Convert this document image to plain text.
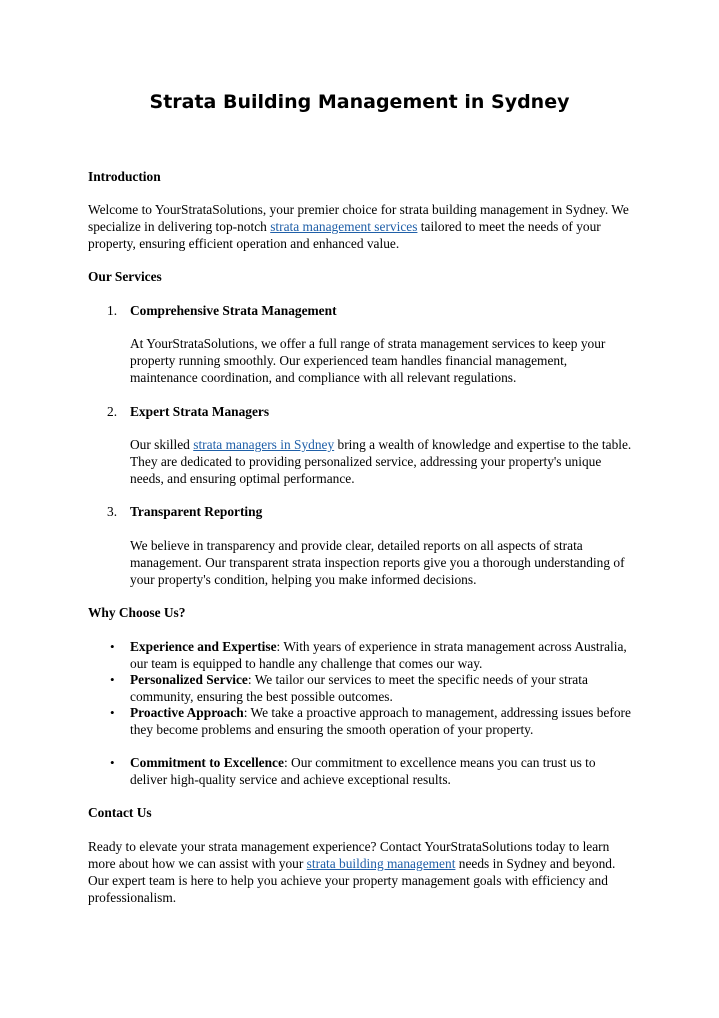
Strata Building Management in Sydney
Introduction

Welcome to YourStrataSolutions, your premier choice for strata building management in Sydney. We specialize in delivering top-notch strata management services tailored to meet the needs of your property, ensuring efficient operation and enhanced value.

Our Services
1. Comprehensive Strata Management

At YourStrataSolutions, we offer a full range of strata management services to keep your property running smoothly. Our experienced team handles financial management, maintenance coordination, and compliance with all relevant regulations.

2. Expert Strata Managers

Our skilled strata managers in Sydney bring a wealth of knowledge and expertise to the table. They are dedicated to providing personalized service, addressing your property's unique needs, and ensuring optimal performance.

3. Transparent Reporting

We believe in transparency and provide clear, detailed reports on all aspects of strata management. Our transparent strata inspection reports give you a thorough understanding of your property's condition, helping you make informed decisions.

Why Choose Us?
• Experience and Expertise: With years of experience in strata management across Australia, our team is equipped to handle any challenge that comes our way.

• Personalized Service: We tailor our services to meet the specific needs of your strata community, ensuring the best possible outcomes.

• Proactive Approach: We take a proactive approach to management, addressing issues before they become problems and ensuring the smooth operation of your property.

• Commitment to Excellence: Our commitment to excellence means you can trust us to deliver high-quality service and achieve exceptional results.

Contact Us

Ready to elevate your strata management experience? Contact YourStrataSolutions today to learn more about how we can assist with your strata building management needs in Sydney and beyond. Our expert team is here to help you achieve your property management goals with efficiency and professionalism.
